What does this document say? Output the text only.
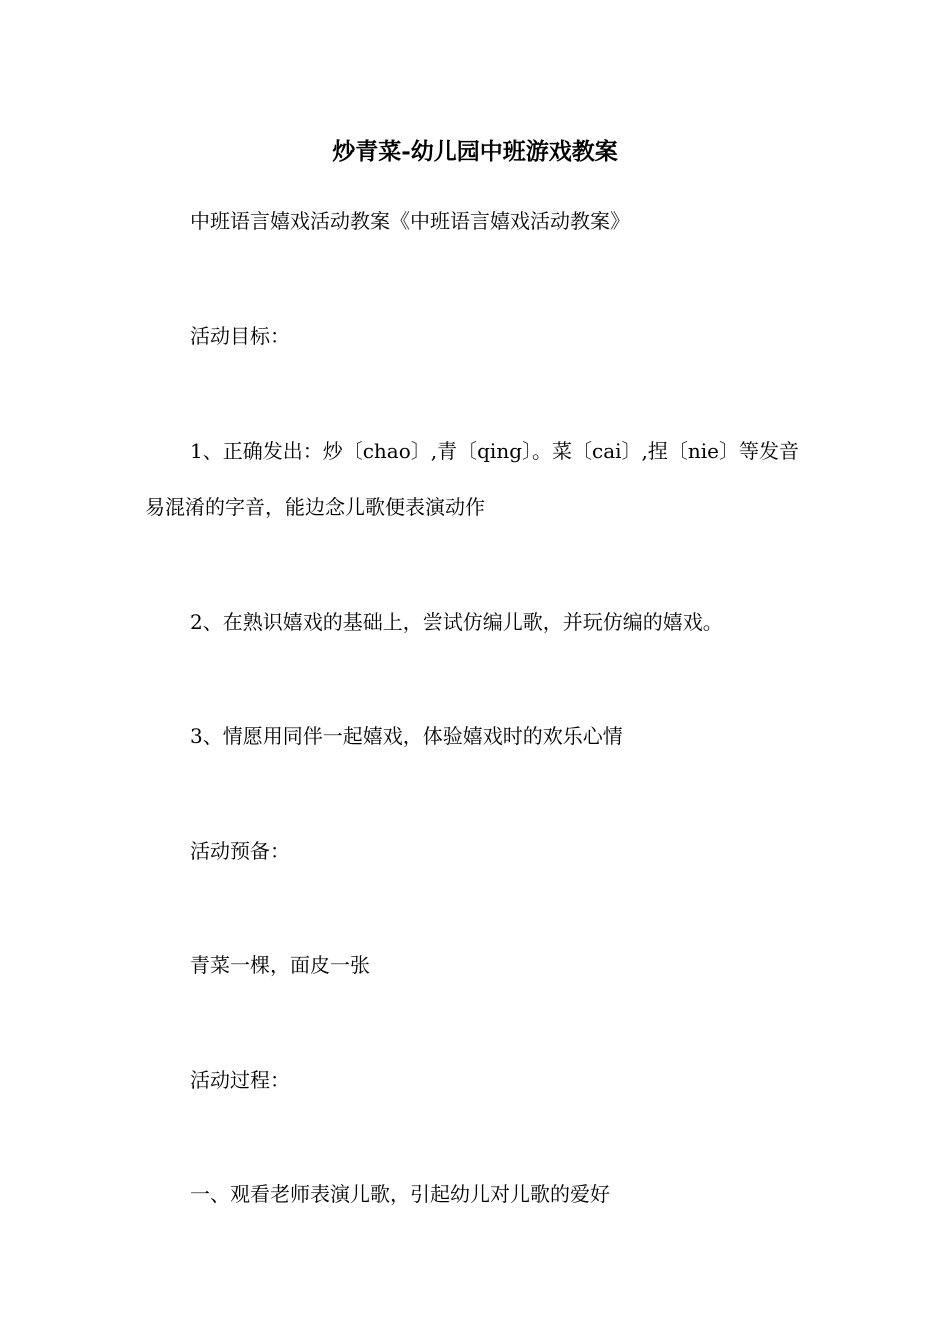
炒青菜-幼儿园中班游戏教案
中班语言嬉戏活动教案《中班语言嬉戏活动教案》
活动目标：
1、正确发出：炒〔chao〕,青〔qing〕。菜〔cai〕,捏〔nie〕等发音易混淆的字音，能边念儿歌便表演动作
2、在熟识嬉戏的基础上，尝试仿编儿歌，并玩仿编的嬉戏。
3、情愿用同伴一起嬉戏，体验嬉戏时的欢乐心情
活动预备：
青菜一棵，面皮一张
活动过程：
一、观看老师表演儿歌，引起幼儿对儿歌的爱好
